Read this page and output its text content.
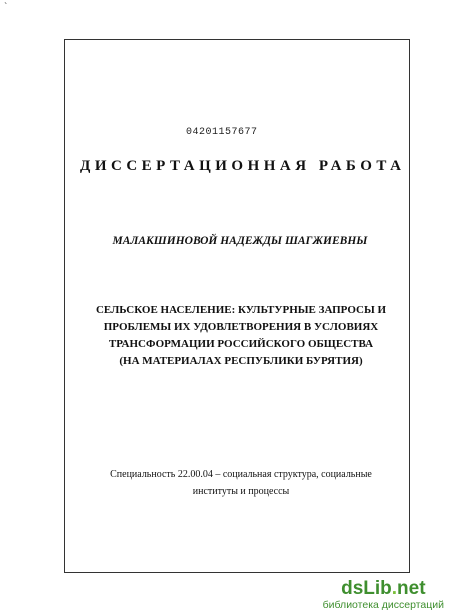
`
04201157677
ДИССЕРТАЦИОННАЯ РАБОТА
МАЛАКШИНОВОЙ НАДЕЖДЫ ШАГЖИЕВНЫ
СЕЛЬСКОЕ НАСЕЛЕНИЕ: КУЛЬТУРНЫЕ ЗАПРОСЫ И
ПРОБЛЕМЫ ИХ УДОВЛЕТВОРЕНИЯ В УСЛОВИЯХ
ТРАНСФОРМАЦИИ РОССИЙСКОГО ОБЩЕСТВА
(НА МАТЕРИАЛАХ РЕСПУБЛИКИ БУРЯТИЯ)
Специальность 22.00.04 – социальная структура, социальные
институты и процессы
dsLib.net
библиотека диссертаций
